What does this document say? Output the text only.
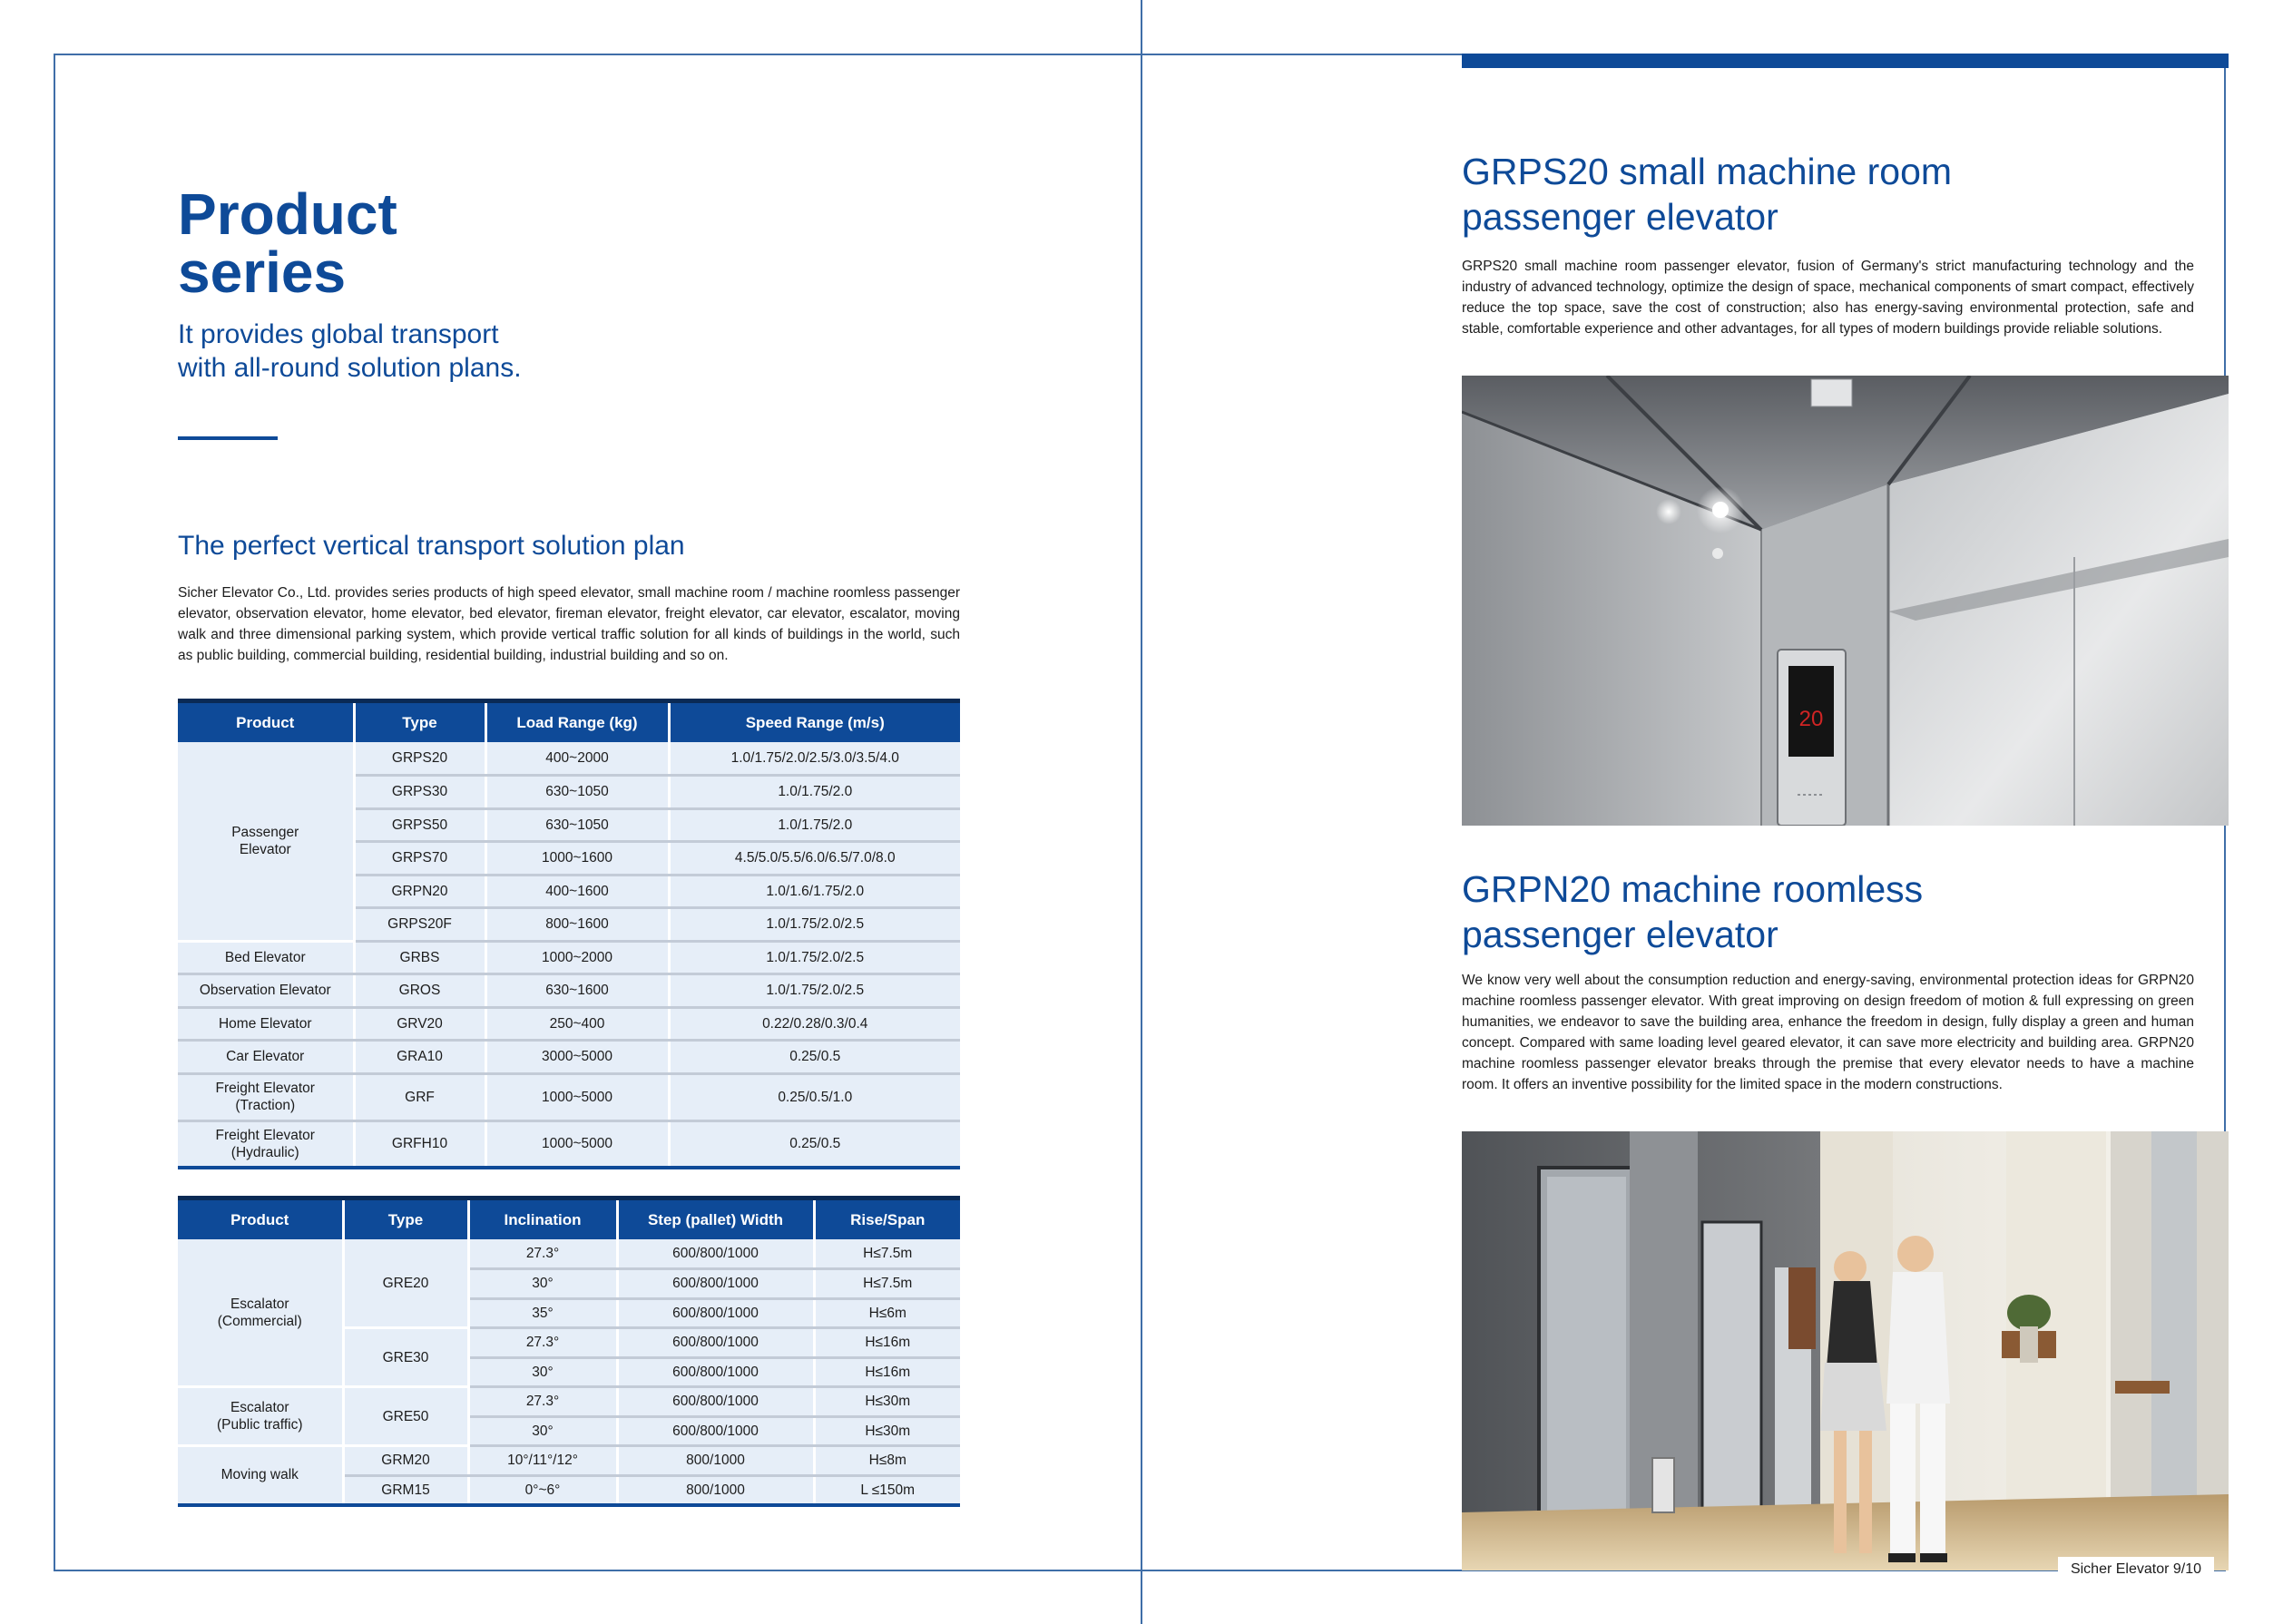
Product
series
It provides global transport with all-round solution plans.
The perfect vertical transport solution plan
Sicher Elevator Co., Ltd. provides series products of high speed elevator, small machine room / machine roomless passenger elevator, observation elevator, home elevator, bed elevator, fireman elevator, freight elevator, car elevator, escalator, moving walk and three dimensional parking system, which provide vertical traffic solution for all kinds of buildings in the world, such as public building, commercial building, residential building, industrial building and so on.
Product	Type	Load Range (kg)	Speed Range (m/s)
Passenger Elevator	GRPS20	400~2000	1.0/1.75/2.0/2.5/3.0/3.5/4.0
	GRPS30	630~1050	1.0/1.75/2.0
	GRPS50	630~1050	1.0/1.75/2.0
	GRPS70	1000~1600	4.5/5.0/5.5/6.0/6.5/7.0/8.0
	GRPN20	400~1600	1.0/1.6/1.75/2.0
	GRPS20F	800~1600	1.0/1.75/2.0/2.5
Bed Elevator	GRBS	1000~2000	1.0/1.75/2.0/2.5
Observation Elevator	GROS	630~1600	1.0/1.75/2.0/2.5
Home Elevator	GRV20	250~400	0.22/0.28/0.3/0.4
Car Elevator	GRA10	3000~5000	0.25/0.5
Freight Elevator (Traction)	GRF	1000~5000	0.25/0.5/1.0
Freight Elevator (Hydraulic)	GRFH10	1000~5000	0.25/0.5
Product	Type	Inclination	Step (pallet) Width	Rise/Span
Escalator (Commercial)	GRE20	27.3°	600/800/1000	H≤7.5m
		30°	600/800/1000	H≤7.5m
		35°	600/800/1000	H≤6m
	GRE30	27.3°	600/800/1000	H≤16m
		30°	600/800/1000	H≤16m
Escalator (Public traffic)	GRE50	27.3°	600/800/1000	H≤30m
		30°	600/800/1000	H≤30m
Moving walk	GRM20	10°/11°/12°	800/1000	H≤8m
	GRM15	0°~6°	800/1000	L ≤150m
GRPS20 small machine room
passenger elevator
GRPS20 small machine room passenger elevator, fusion of Germany's strict manufacturing technology and the industry of advanced technology, optimize the design of space, mechanical components of smart compact, effectively reduce the top space, save the cost of construction; also has energy-saving environmental protection, safe and stable, comfortable experience and other advantages, for all types of modern buildings provide reliable solutions.
20
GRPN20 machine roomless
passenger elevator
We know very well about the consumption reduction and energy-saving, environmental protection ideas for GRPN20 machine roomless passenger elevator. With great improving on design freedom of motion & full expressing on green humanities, we endeavor to save the building area, enhance the freedom in design, fully display a green and human concept. Compared with same loading level geared elevator, it can save more electricity and building area. GRPN20 machine roomless passenger elevator breaks through the premise that every elevator needs to have a machine room. It offers an inventive possibility for the limited space in the modern constructions.
Sicher Elevator 9/10
